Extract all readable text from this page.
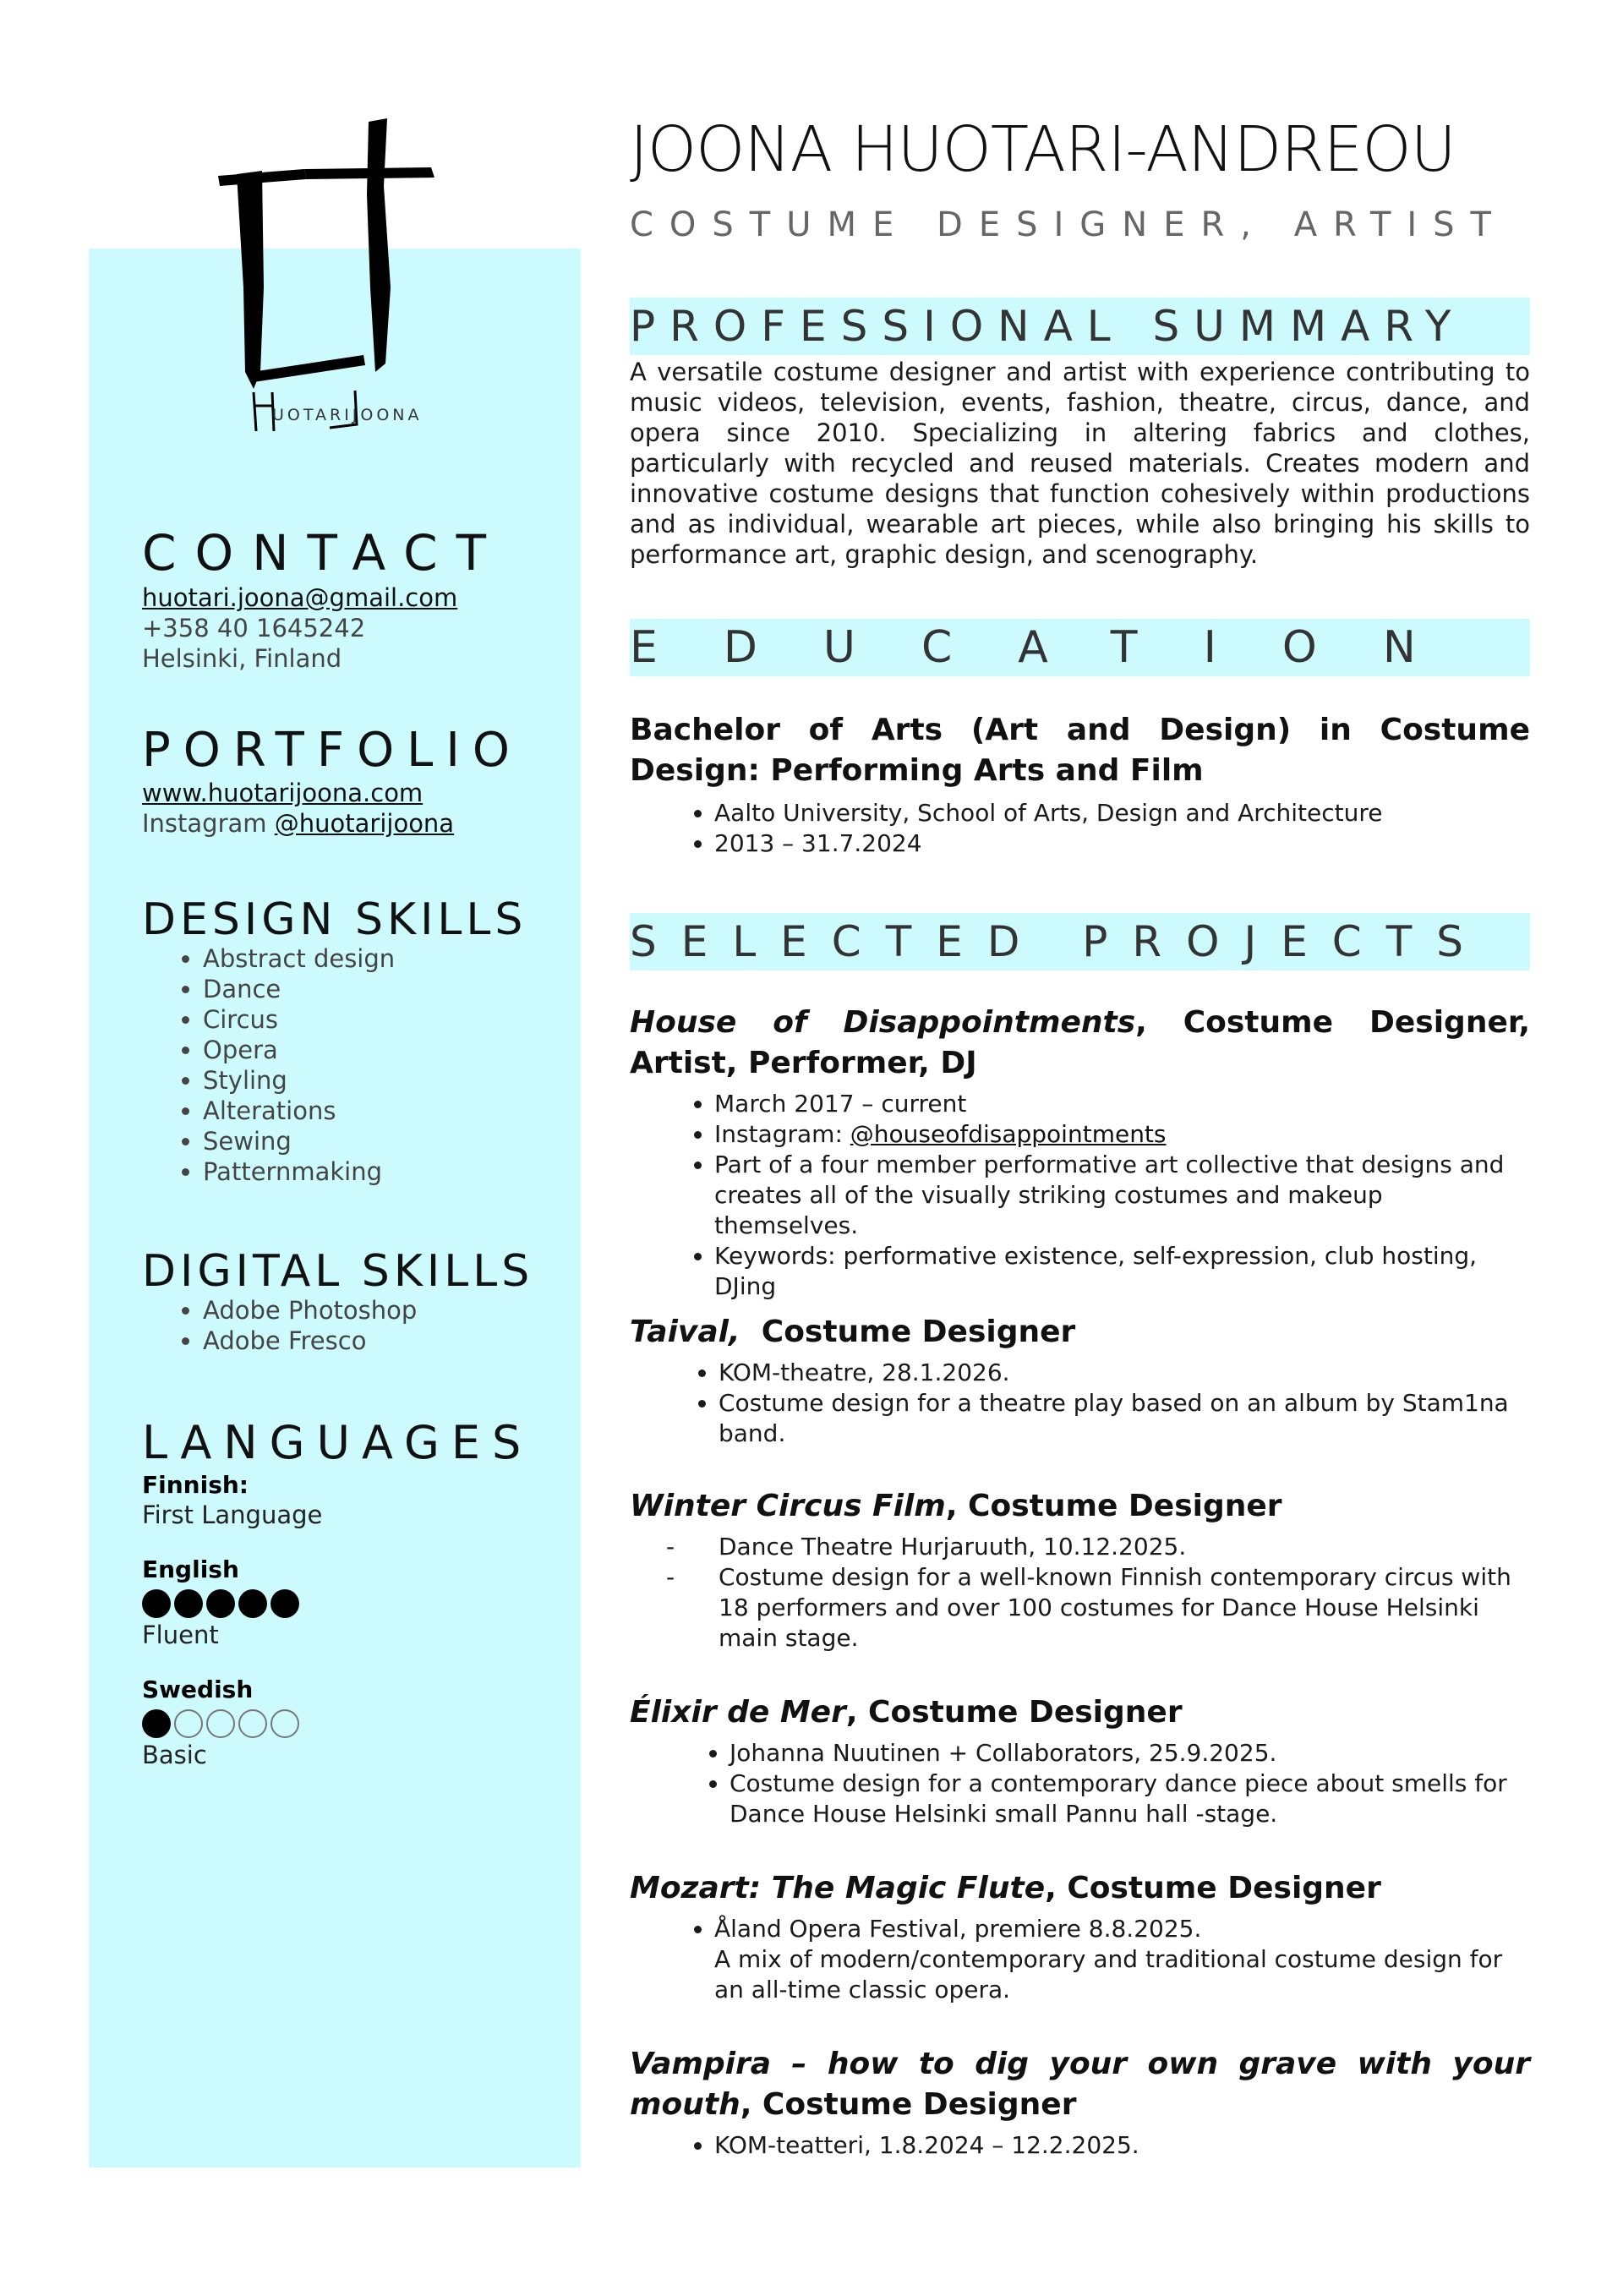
UOTARIJOONA
JOONA HUOTARI-ANDREOU
COSTUME DESIGNER, ARTIST
CONTACT
huotari.joona@gmail.com
+358 40 1645242
Helsinki, Finland
PORTFOLIO
www.huotarijoona.com
Instagram @huotarijoona
DESIGN SKILLS
• Abstract design
• Dance
• Circus
• Opera
• Styling
• Alterations
• Sewing
• Patternmaking
DIGITAL SKILLS
• Adobe Photoshop
• Adobe Fresco
LANGUAGES
Finnish:
First Language
English
Fluent
Swedish
Basic
PROFESSIONAL SUMMARY

A versatile costume designer and artist with experience contributing to music videos, television, events, fashion, theatre, circus, dance, and opera since 2010. Specializing in altering fabrics and clothes, particularly with recycled and reused materials. Creates modern and innovative costume designs that function cohesively within productions and as individual, wearable art pieces, while also bringing his skills to performance art, graphic design, and scenography.

EDUCATION

Bachelor of Arts (Art and Design) in Costume Design: Performing Arts and Film

• Aalto University, School of Arts, Design and Architecture
• 2013 – 31.7.2024
SELECTED PROJECTS

House of Disappointments, Costume Designer, Artist, Performer, DJ

• March 2017 – current
• Instagram: @houseofdisappointments
• Part of a four member performative art collective that designs and creates all of the visually striking costumes and makeup themselves.
• Keywords: performative existence, self-expression, club hosting, DJing

Taival,  Costume Designer

• KOM-theatre, 28.1.2026.
• Costume design for a theatre play based on an album by Stam1na band.

Winter Circus Film, Costume Designer

- Dance Theatre Hurjaruuth, 10.12.2025.
- Costume design for a well-known Finnish contemporary circus with 18 performers and over 100 costumes for Dance House Helsinki main stage.

Élixir de Mer, Costume Designer

• Johanna Nuutinen + Collaborators, 25.9.2025.
• Costume design for a contemporary dance piece about smells for Dance House Helsinki small Pannu hall -stage.

Mozart: The Magic Flute, Costume Designer

• Åland Opera Festival, premiere 8.8.2025.
A mix of modern/contemporary and traditional costume design for an all-time classic opera.

Vampira – how to dig your own grave with your mouth, Costume Designer

• KOM-teatteri, 1.8.2024 – 12.2.2025.
